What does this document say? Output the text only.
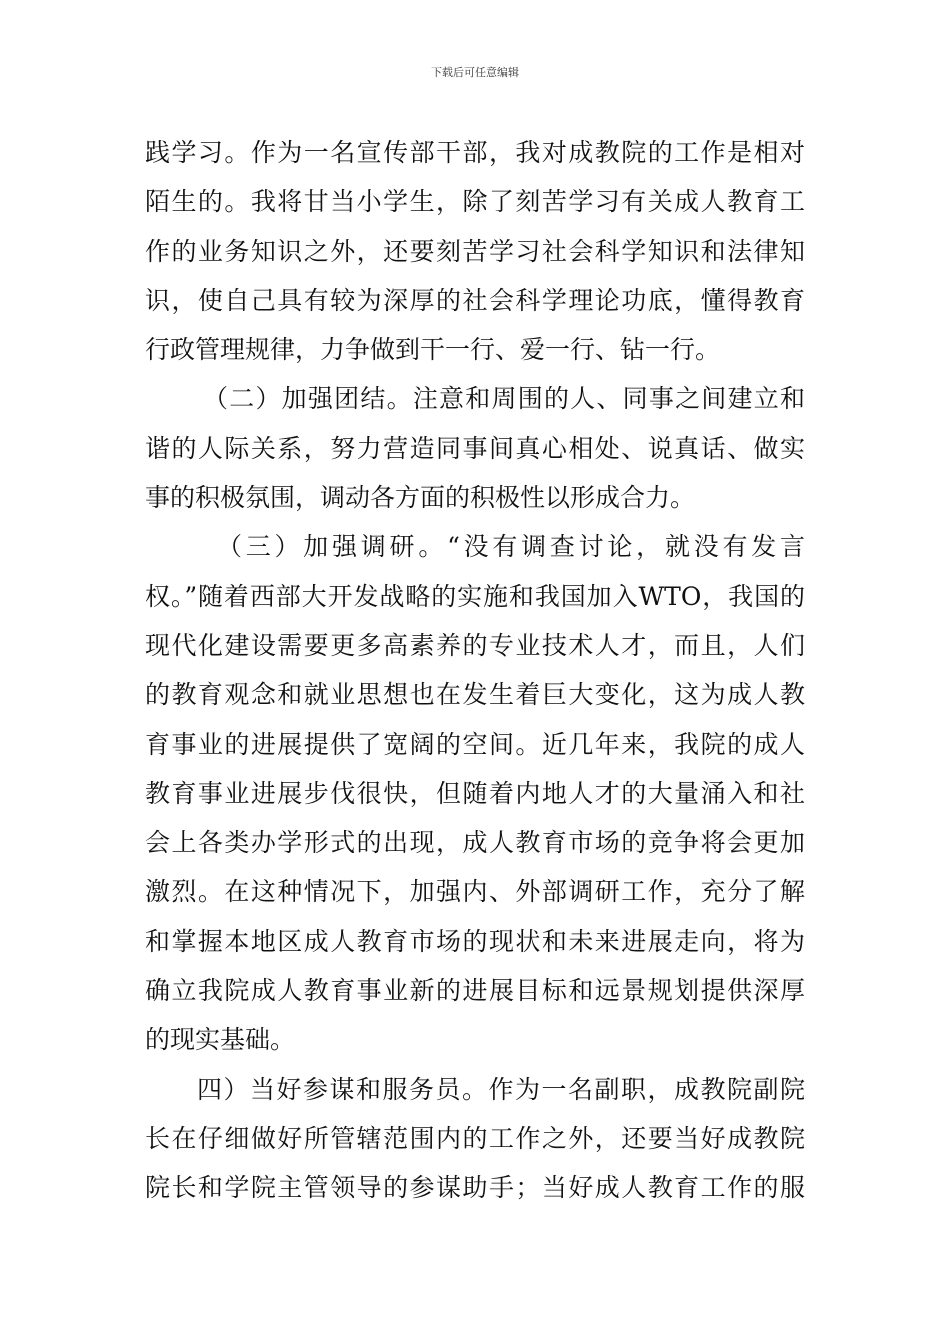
下载后可任意编辑
践学习。作为一名宣传部干部，我对成教院的工作是相对
陌生的。我将甘当小学生，除了刻苦学习有关成人教育工
作的业务知识之外，还要刻苦学习社会科学知识和法律知
识，使自己具有较为深厚的社会科学理论功底，懂得教育
行政管理规律，力争做到干一行、爱一行、钻一行。
（二）加强团结。注意和周围的人、同事之间建立和
谐的人际关系，努力营造同事间真心相处、说真话、做实
事的积极氛围，调动各方面的积极性以形成合力。
（三）加强调研。“没有调查讨论，就没有发言
权。”随着西部大开发战略的实施和我国加入WTO，我国的
现代化建设需要更多高素养的专业技术人才，而且，人们
的教育观念和就业思想也在发生着巨大变化，这为成人教
育事业的进展提供了宽阔的空间。近几年来，我院的成人
教育事业进展步伐很快，但随着内地人才的大量涌入和社
会上各类办学形式的出现，成人教育市场的竞争将会更加
激烈。在这种情况下，加强内、外部调研工作，充分了解
和掌握本地区成人教育市场的现状和未来进展走向，将为
确立我院成人教育事业新的进展目标和远景规划提供深厚
的现实基础。
四）当好参谋和服务员。作为一名副职，成教院副院
长在仔细做好所管辖范围内的工作之外，还要当好成教院
院长和学院主管领导的参谋助手；当好成人教育工作的服
